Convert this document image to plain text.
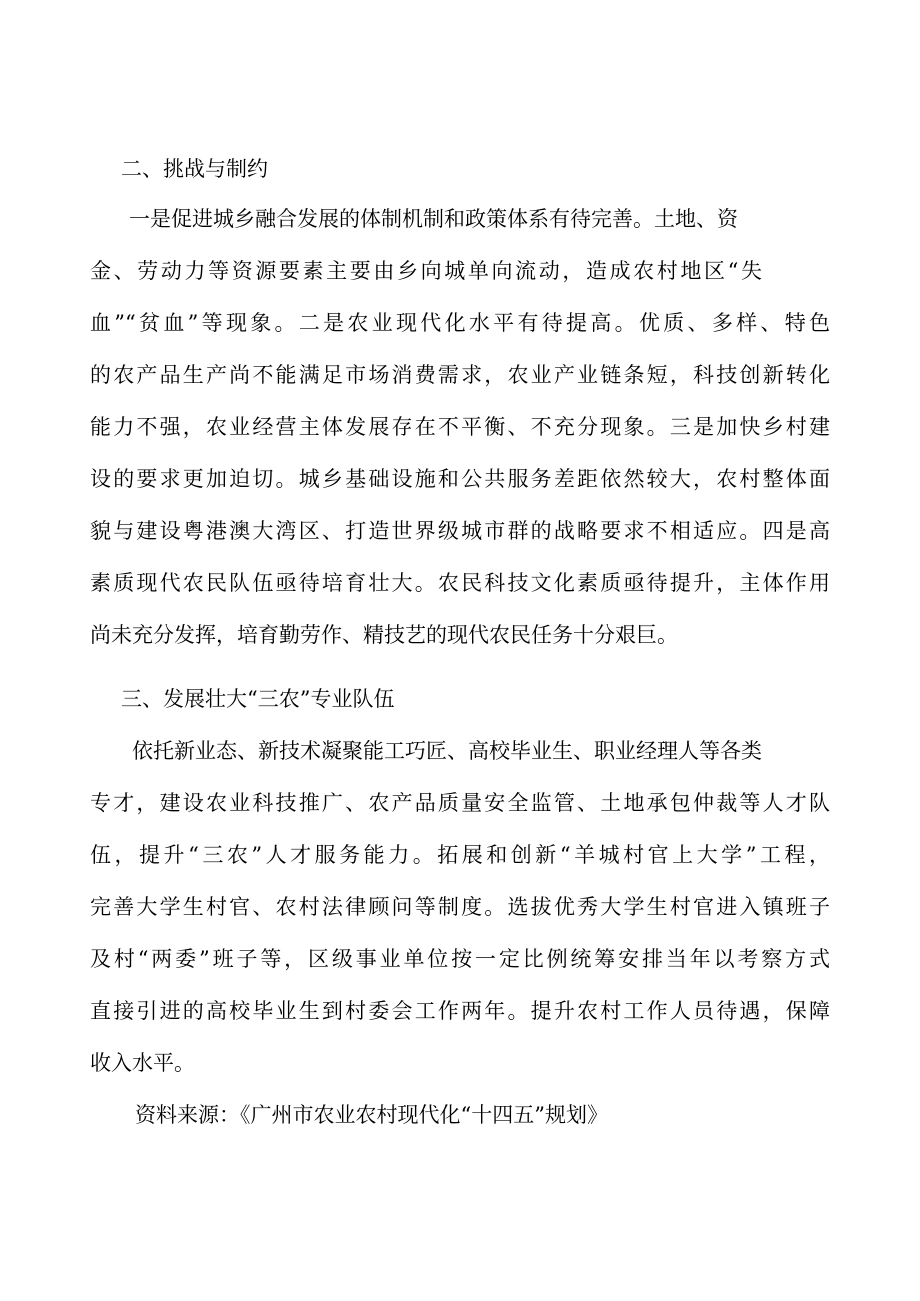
二、挑战与制约
一是促进城乡融合发展的体制机制和政策体系有待完善。土地、资
金、劳动力等资源要素主要由乡向城单向流动，造成农村地区“失
血”“贫血”等现象。二是农业现代化水平有待提高。优质、多样、特色
的农产品生产尚不能满足市场消费需求，农业产业链条短，科技创新转化
能力不强，农业经营主体发展存在不平衡、不充分现象。三是加快乡村建
设的要求更加迫切。城乡基础设施和公共服务差距依然较大，农村整体面
貌与建设粤港澳大湾区、打造世界级城市群的战略要求不相适应。四是高
素质现代农民队伍亟待培育壮大。农民科技文化素质亟待提升，主体作用
尚未充分发挥，培育勤劳作、精技艺的现代农民任务十分艰巨。
三、发展壮大“三农”专业队伍
依托新业态、新技术凝聚能工巧匠、高校毕业生、职业经理人等各类
专才，建设农业科技推广、农产品质量安全监管、土地承包仲裁等人才队
伍，提升“三农”人才服务能力。拓展和创新“羊城村官上大学”工程，
完善大学生村官、农村法律顾问等制度。选拔优秀大学生村官进入镇班子
及村“两委”班子等，区级事业单位按一定比例统筹安排当年以考察方式
直接引进的高校毕业生到村委会工作两年。提升农村工作人员待遇，保障
收入水平。
资料来源：《广州市农业农村现代化“十四五”规划》
